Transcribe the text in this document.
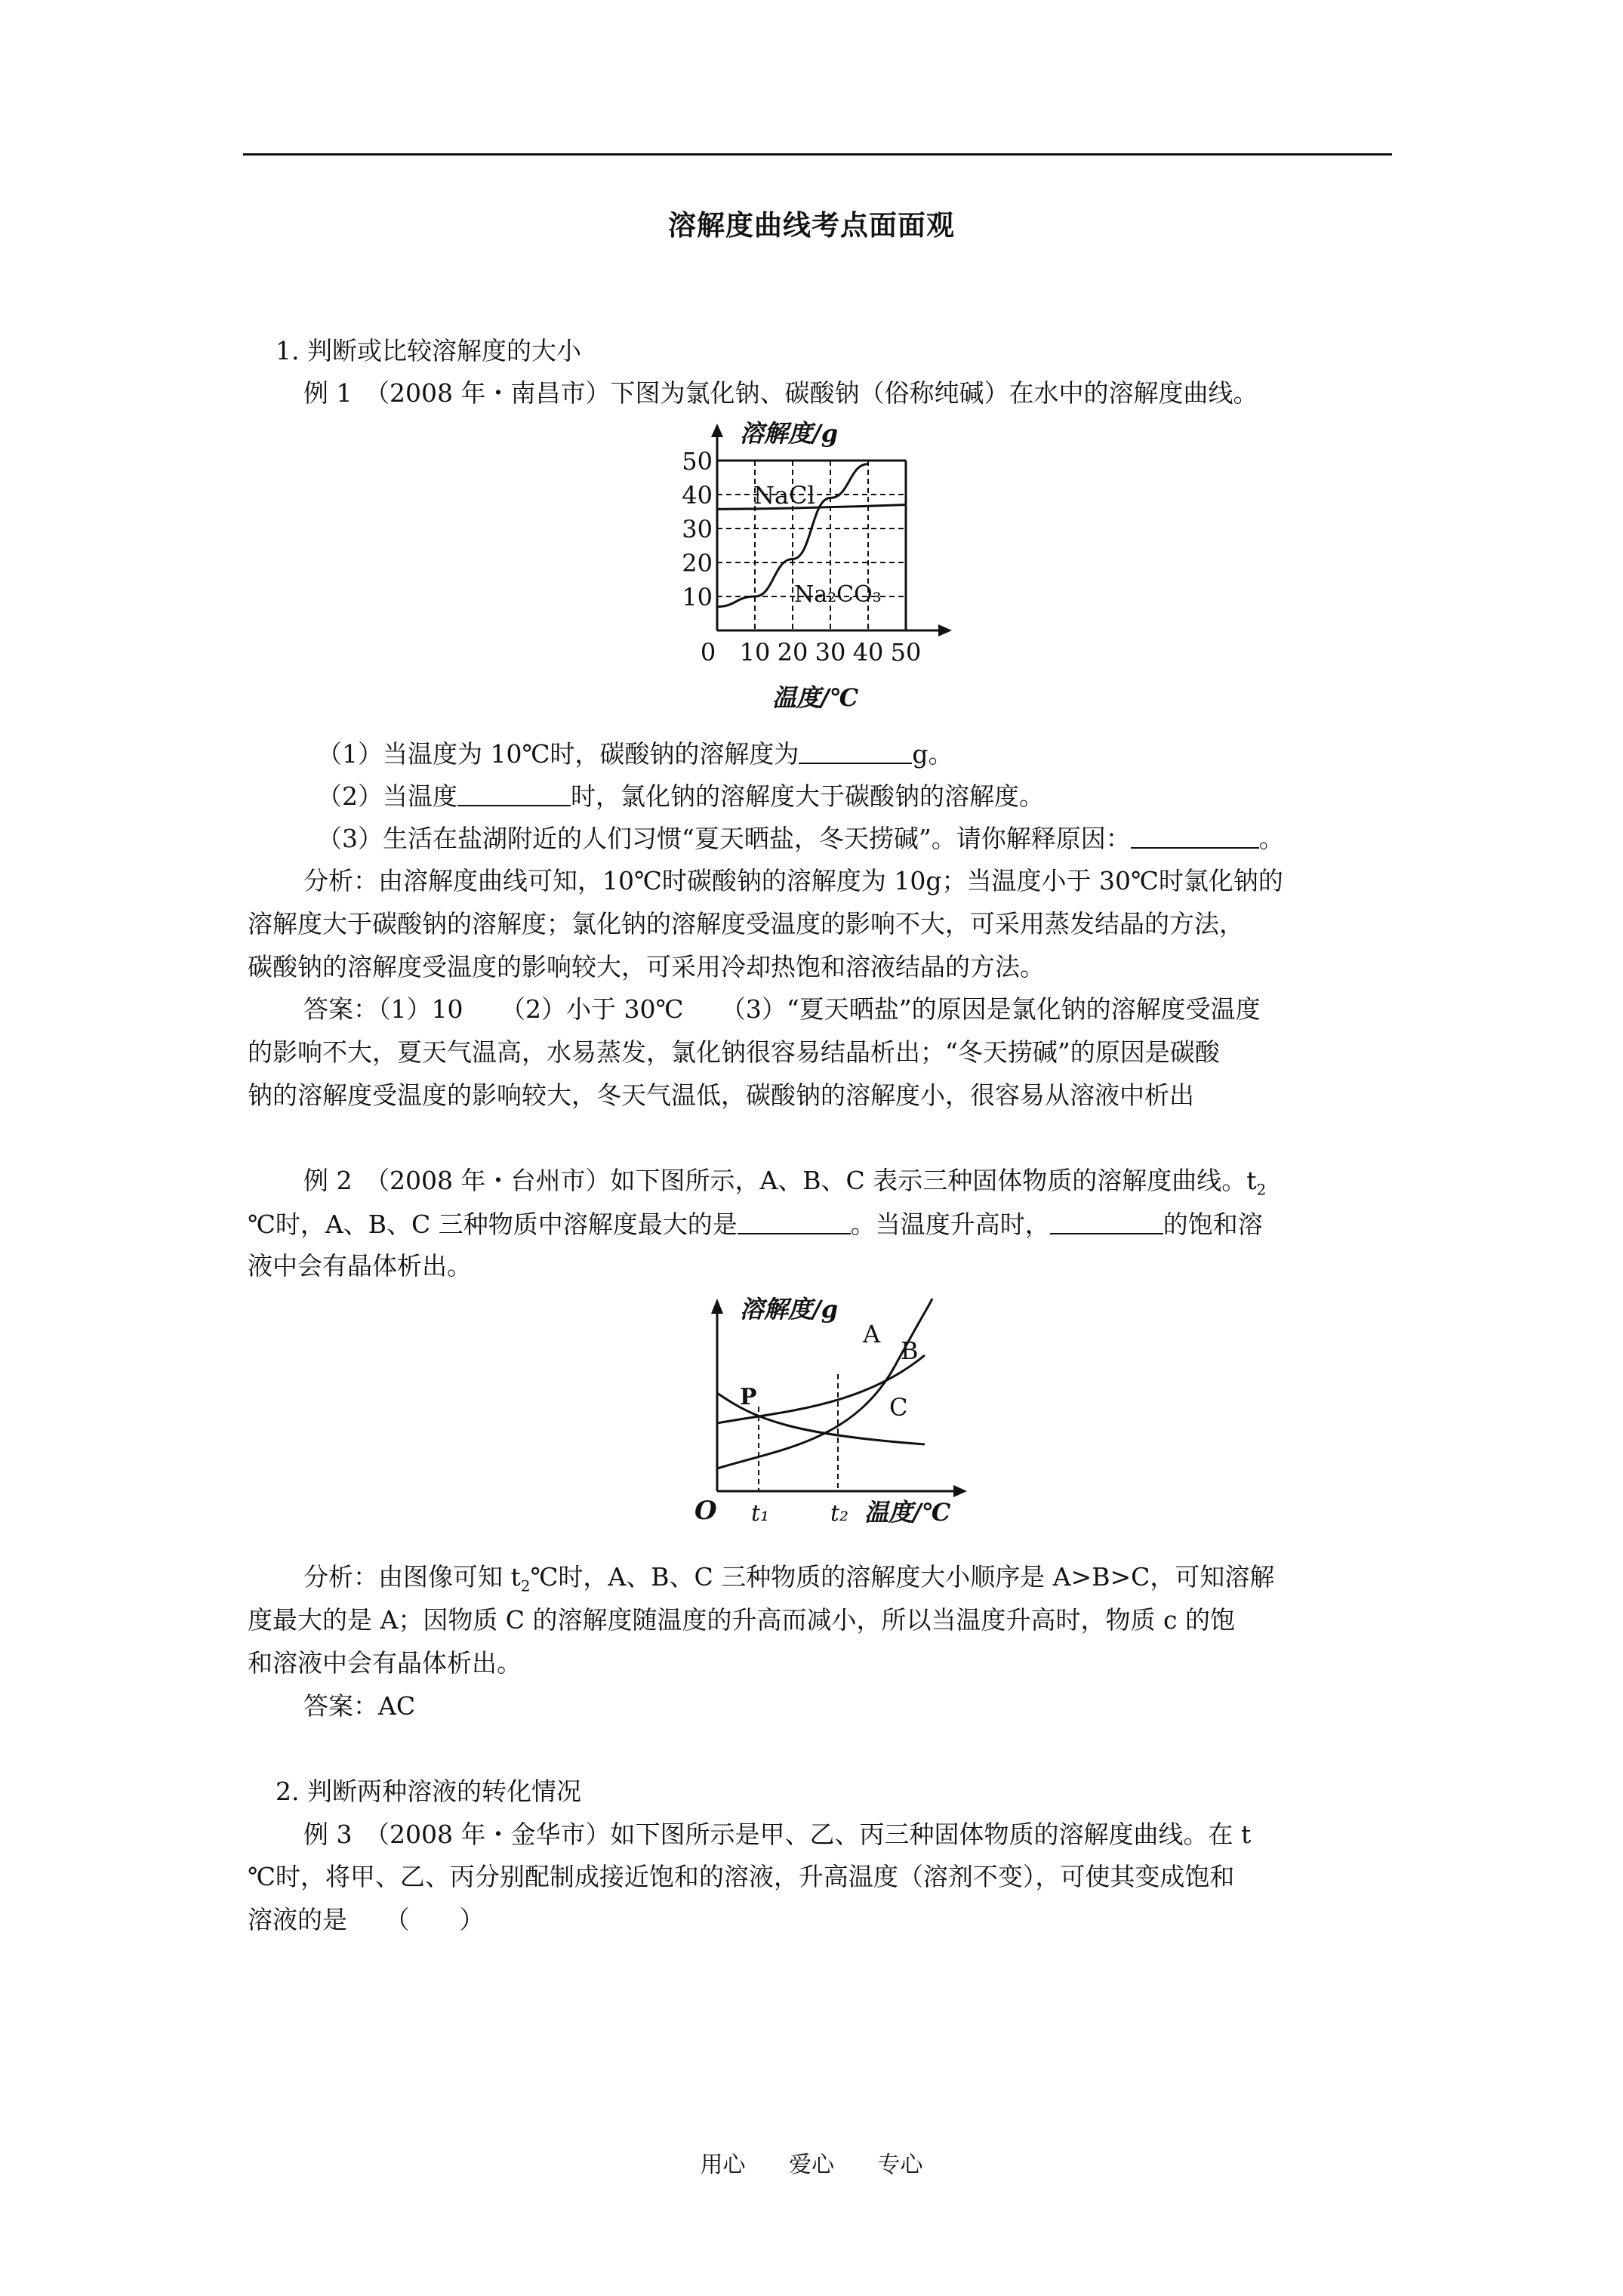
溶解度曲线考点面面观
1. 判断或比较溶解度的大小
例 1　（2008 年・南昌市）下图为氯化钠、碳酸钠（俗称纯碱）在水中的溶解度曲线。
10
20
30
40
50
0 10 20 30 40 50
温度/℃
溶解度/g
NaCl
Na₂CO₃
（1）当温度为 10℃时，碳酸钠的溶解度为	g。
（2）当温度	时，氯化钠的溶解度大于碳酸钠的溶解度。
（3）生活在盐湖附近的人们习惯“夏天晒盐，冬天捞碱”。请你解释原因：	。
分析：由溶解度曲线可知，10℃时碳酸钠的溶解度为 10g；当温度小于 30℃时氯化钠的
溶解度大于碳酸钠的溶解度；氯化钠的溶解度受温度的影响不大，可采用蒸发结晶的方法，
碳酸钠的溶解度受温度的影响较大，可采用冷却热饱和溶液结晶的方法。
答案：（1）10　　（2）小于 30℃　　（3）“夏天晒盐”的原因是氯化钠的溶解度受温度
的影响不大，夏天气温高，水易蒸发，氯化钠很容易结晶析出；“冬天捞碱”的原因是碳酸
钠的溶解度受温度的影响较大，冬天气温低，碳酸钠的溶解度小，很容易从溶液中析出
例 2　（2008 年・台州市）如下图所示，A、B、C 表示三种固体物质的溶解度曲线。$t_2$
℃时，A、B、C 三种物质中溶解度最大的是	。当温度升高时，	的饱和溶
液中会有晶体析出。
溶解度/g
O t₁	t₂ 温度/℃
P
A
B
C
分析：由图像可知 $t_2℃$时，A、B、C 三种物质的溶解度大小顺序是 A>B>C，可知溶解
度最大的是 A；因物质 C 的溶解度随温度的升高而减小，所以当温度升高时，物质 c 的饱
和溶液中会有晶体析出。
答案：AC
2. 判断两种溶液的转化情况
例 3　（2008 年・金华市）如下图所示是甲、乙、丙三种固体物质的溶解度曲线。在 t
℃时，将甲、乙、丙分别配制成接近饱和的溶液，升高温度（溶剂不变），可使其变成饱和
溶液的是　　（　　）
用心 爱心 专心
